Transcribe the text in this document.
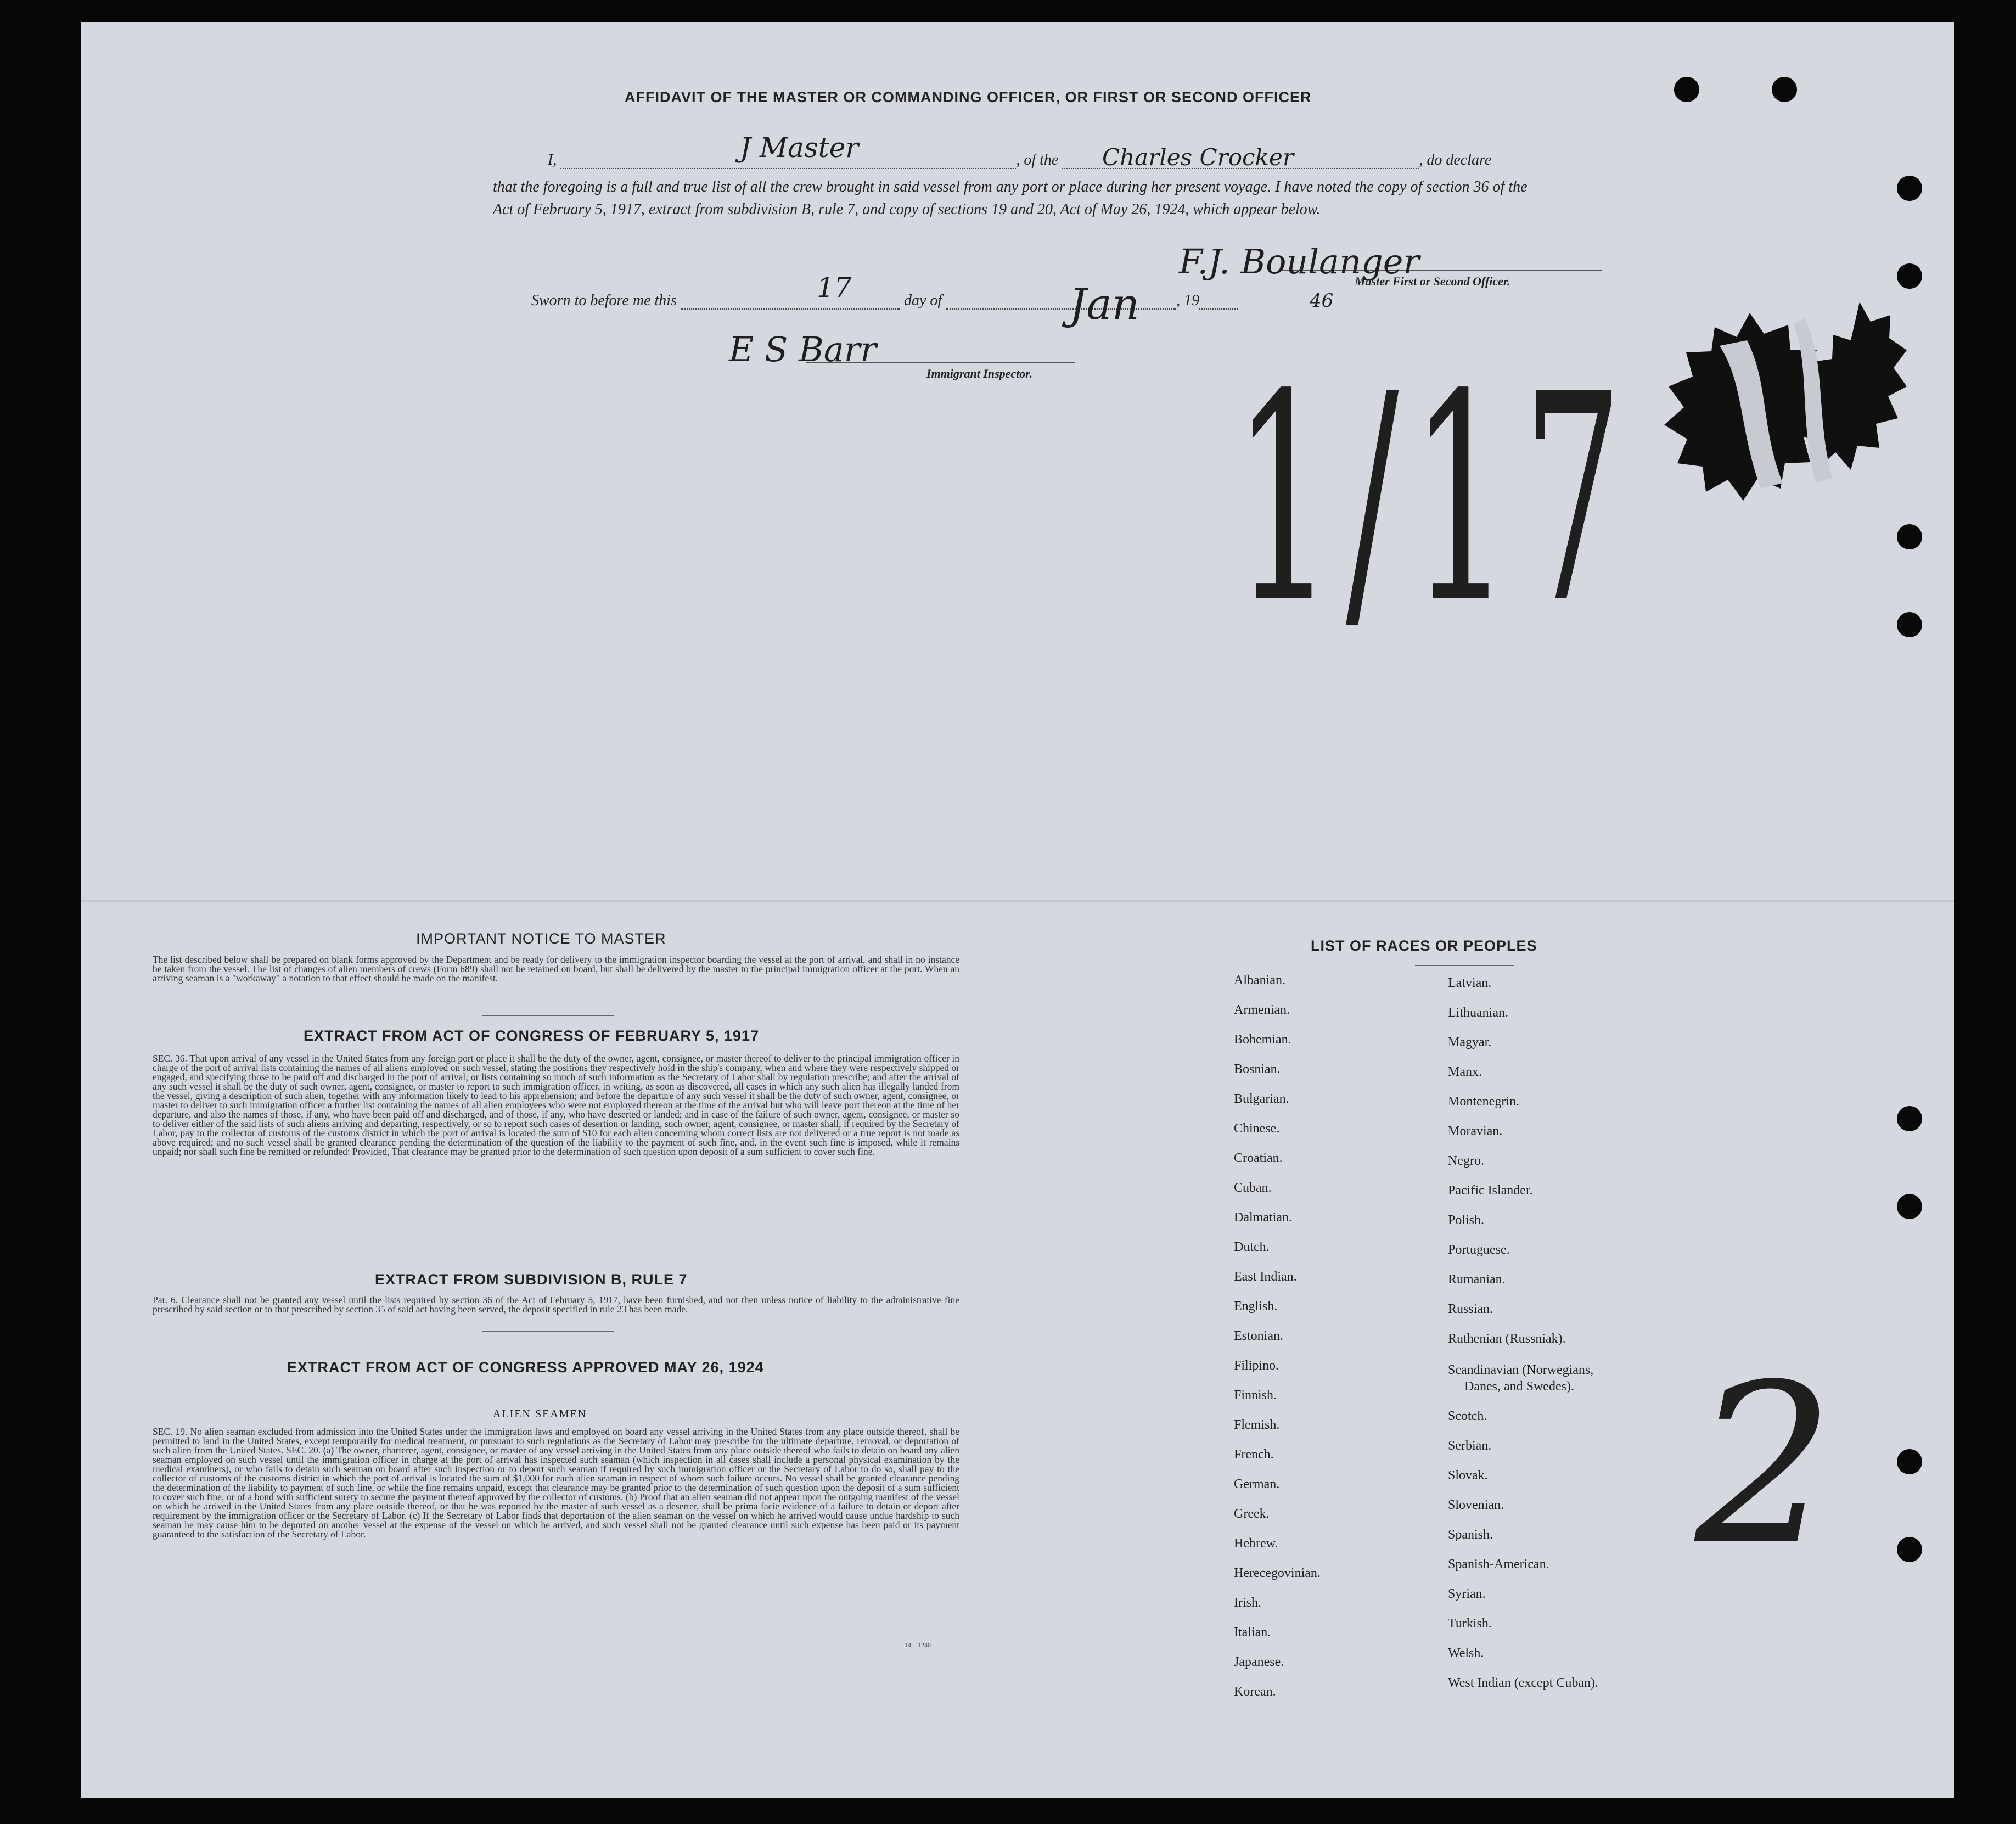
AFFIDAVIT OF THE MASTER OR COMMANDING OFFICER, OR FIRST OR SECOND OFFICER
I,	, of the	, do declare
that the foregoing is a full and true list of all the crew brought in said vessel from any port or place during her present voyage. I have noted the copy of section 36 of the Act of February 5, 1917, extract from subdivision B, rule 7, and copy of sections 19 and 20, Act of May 26, 1924, which appear below.
Sworn to before me this	day of	, 19
Master First or Second Officer.
Immigrant Inspector.
J Master	Charles Crocker
17	Jan	46
F.J. Boulanger
E S Barr 1/17
2
IMPORTANT NOTICE TO MASTER
The list described below shall be prepared on blank forms approved by the Department and be ready for delivery to the immigration inspector boarding the vessel at the port of arrival, and shall in no instance be taken from the vessel. The list of changes of alien members of crews (Form 689) shall not be retained on board, but shall be delivered by the master to the principal immigration officer at the port. When an arriving seaman is a "workaway" a notation to that effect should be made on the manifest.
EXTRACT FROM ACT OF CONGRESS OF FEBRUARY 5, 1917
SEC. 36. That upon arrival of any vessel in the United States from any foreign port or place it shall be the duty of the owner, agent, consignee, or master thereof to deliver to the principal immigration officer in charge of the port of arrival lists containing the names of all aliens employed on such vessel, stating the positions they respectively hold in the ship's company, when and where they were respectively shipped or engaged, and specifying those to be paid off and discharged in the port of arrival; or lists containing so much of such information as the Secretary of Labor shall by regulation prescribe; and after the arrival of any such vessel it shall be the duty of such owner, agent, consignee, or master to report to such immigration officer, in writing, as soon as discovered, all cases in which any such alien has illegally landed from the vessel, giving a description of such alien, together with any information likely to lead to his apprehension; and before the departure of any such vessel it shall be the duty of such owner, agent, consignee, or master to deliver to such immigration officer a further list containing the names of all alien employees who were not employed thereon at the time of the arrival but who will leave port thereon at the time of her departure, and also the names of those, if any, who have been paid off and discharged, and of those, if any, who have deserted or landed; and in case of the failure of such owner, agent, consignee, or master so to deliver either of the said lists of such aliens arriving and departing, respectively, or so to report such cases of desertion or landing, such owner, agent, consignee, or master shall, if required by the Secretary of Labor, pay to the collector of customs of the customs district in which the port of arrival is located the sum of $10 for each alien concerning whom correct lists are not delivered or a true report is not made as above required; and no such vessel shall be granted clearance pending the determination of the question of the liability to the payment of such fine, and, in the event such fine is imposed, while it remains unpaid; nor shall such fine be remitted or refunded: Provided, That clearance may be granted prior to the determination of such question upon deposit of a sum sufficient to cover such fine.
EXTRACT FROM SUBDIVISION B, RULE 7
Par. 6. Clearance shall not be granted any vessel until the lists required by section 36 of the Act of February 5, 1917, have been furnished, and not then unless notice of liability to the administrative fine prescribed by said section or to that prescribed by section 35 of said act having been served, the deposit specified in rule 23 has been made.
EXTRACT FROM ACT OF CONGRESS APPROVED MAY 26, 1924
ALIEN SEAMEN
SEC. 19. No alien seaman excluded from admission into the United States under the immigration laws and employed on board any vessel arriving in the United States from any place outside thereof, shall be permitted to land in the United States, except temporarily for medical treatment, or pursuant to such regulations as the Secretary of Labor may prescribe for the ultimate departure, removal, or deportation of such alien from the United States. SEC. 20. (a) The owner, charterer, agent, consignee, or master of any vessel arriving in the United States from any place outside thereof who fails to detain on board any alien seaman employed on such vessel until the immigration officer in charge at the port of arrival has inspected such seaman (which inspection in all cases shall include a personal physical examination by the medical examiners), or who fails to detain such seaman on board after such inspection or to deport such seaman if required by such immigration officer or the Secretary of Labor to do so, shall pay to the collector of customs of the customs district in which the port of arrival is located the sum of $1,000 for each alien seaman in respect of whom such failure occurs. No vessel shall be granted clearance pending the determination of the liability to payment of such fine, or while the fine remains unpaid, except that clearance may be granted prior to the determination of such question upon the deposit of a sum sufficient to cover such fine, or of a bond with sufficient surety to secure the payment thereof approved by the collector of customs. (b) Proof that an alien seaman did not appear upon the outgoing manifest of the vessel on which he arrived in the United States from any place outside thereof, or that he was reported by the master of such vessel as a deserter, shall be prima facie evidence of a failure to detain or deport after requirement by the immigration officer or the Secretary of Labor. (c) If the Secretary of Labor finds that deportation of the alien seaman on the vessel on which he arrived would cause undue hardship to such seaman he may cause him to be deported on another vessel at the expense of the vessel on which he arrived, and such vessel shall not be granted clearance until such expense has been paid or its payment guaranteed to the satisfaction of the Secretary of Labor.
14—1240
LIST OF RACES OR PEOPLES
Albanian.
Armenian.
Bohemian.
Bosnian.
Bulgarian.
Chinese.
Croatian.
Cuban.
Dalmatian.
Dutch.
East Indian.
English.
Estonian.
Filipino.
Finnish.
Flemish.
French.
German.
Greek.
Hebrew.
Herecegovinian.
Irish.
Italian.
Japanese.
Korean.
Latvian.
Lithuanian.
Magyar.
Manx.
Montenegrin.
Moravian.
Negro.
Pacific Islander.
Polish.
Portuguese.
Rumanian.
Russian.
Ruthenian (Russniak).
Scandinavian (Norwegians,
Danes, and Swedes).
Scotch.
Serbian.
Slovak.
Slovenian.
Spanish.
Spanish-American.
Syrian.
Turkish.
Welsh.
West Indian (except Cuban).
